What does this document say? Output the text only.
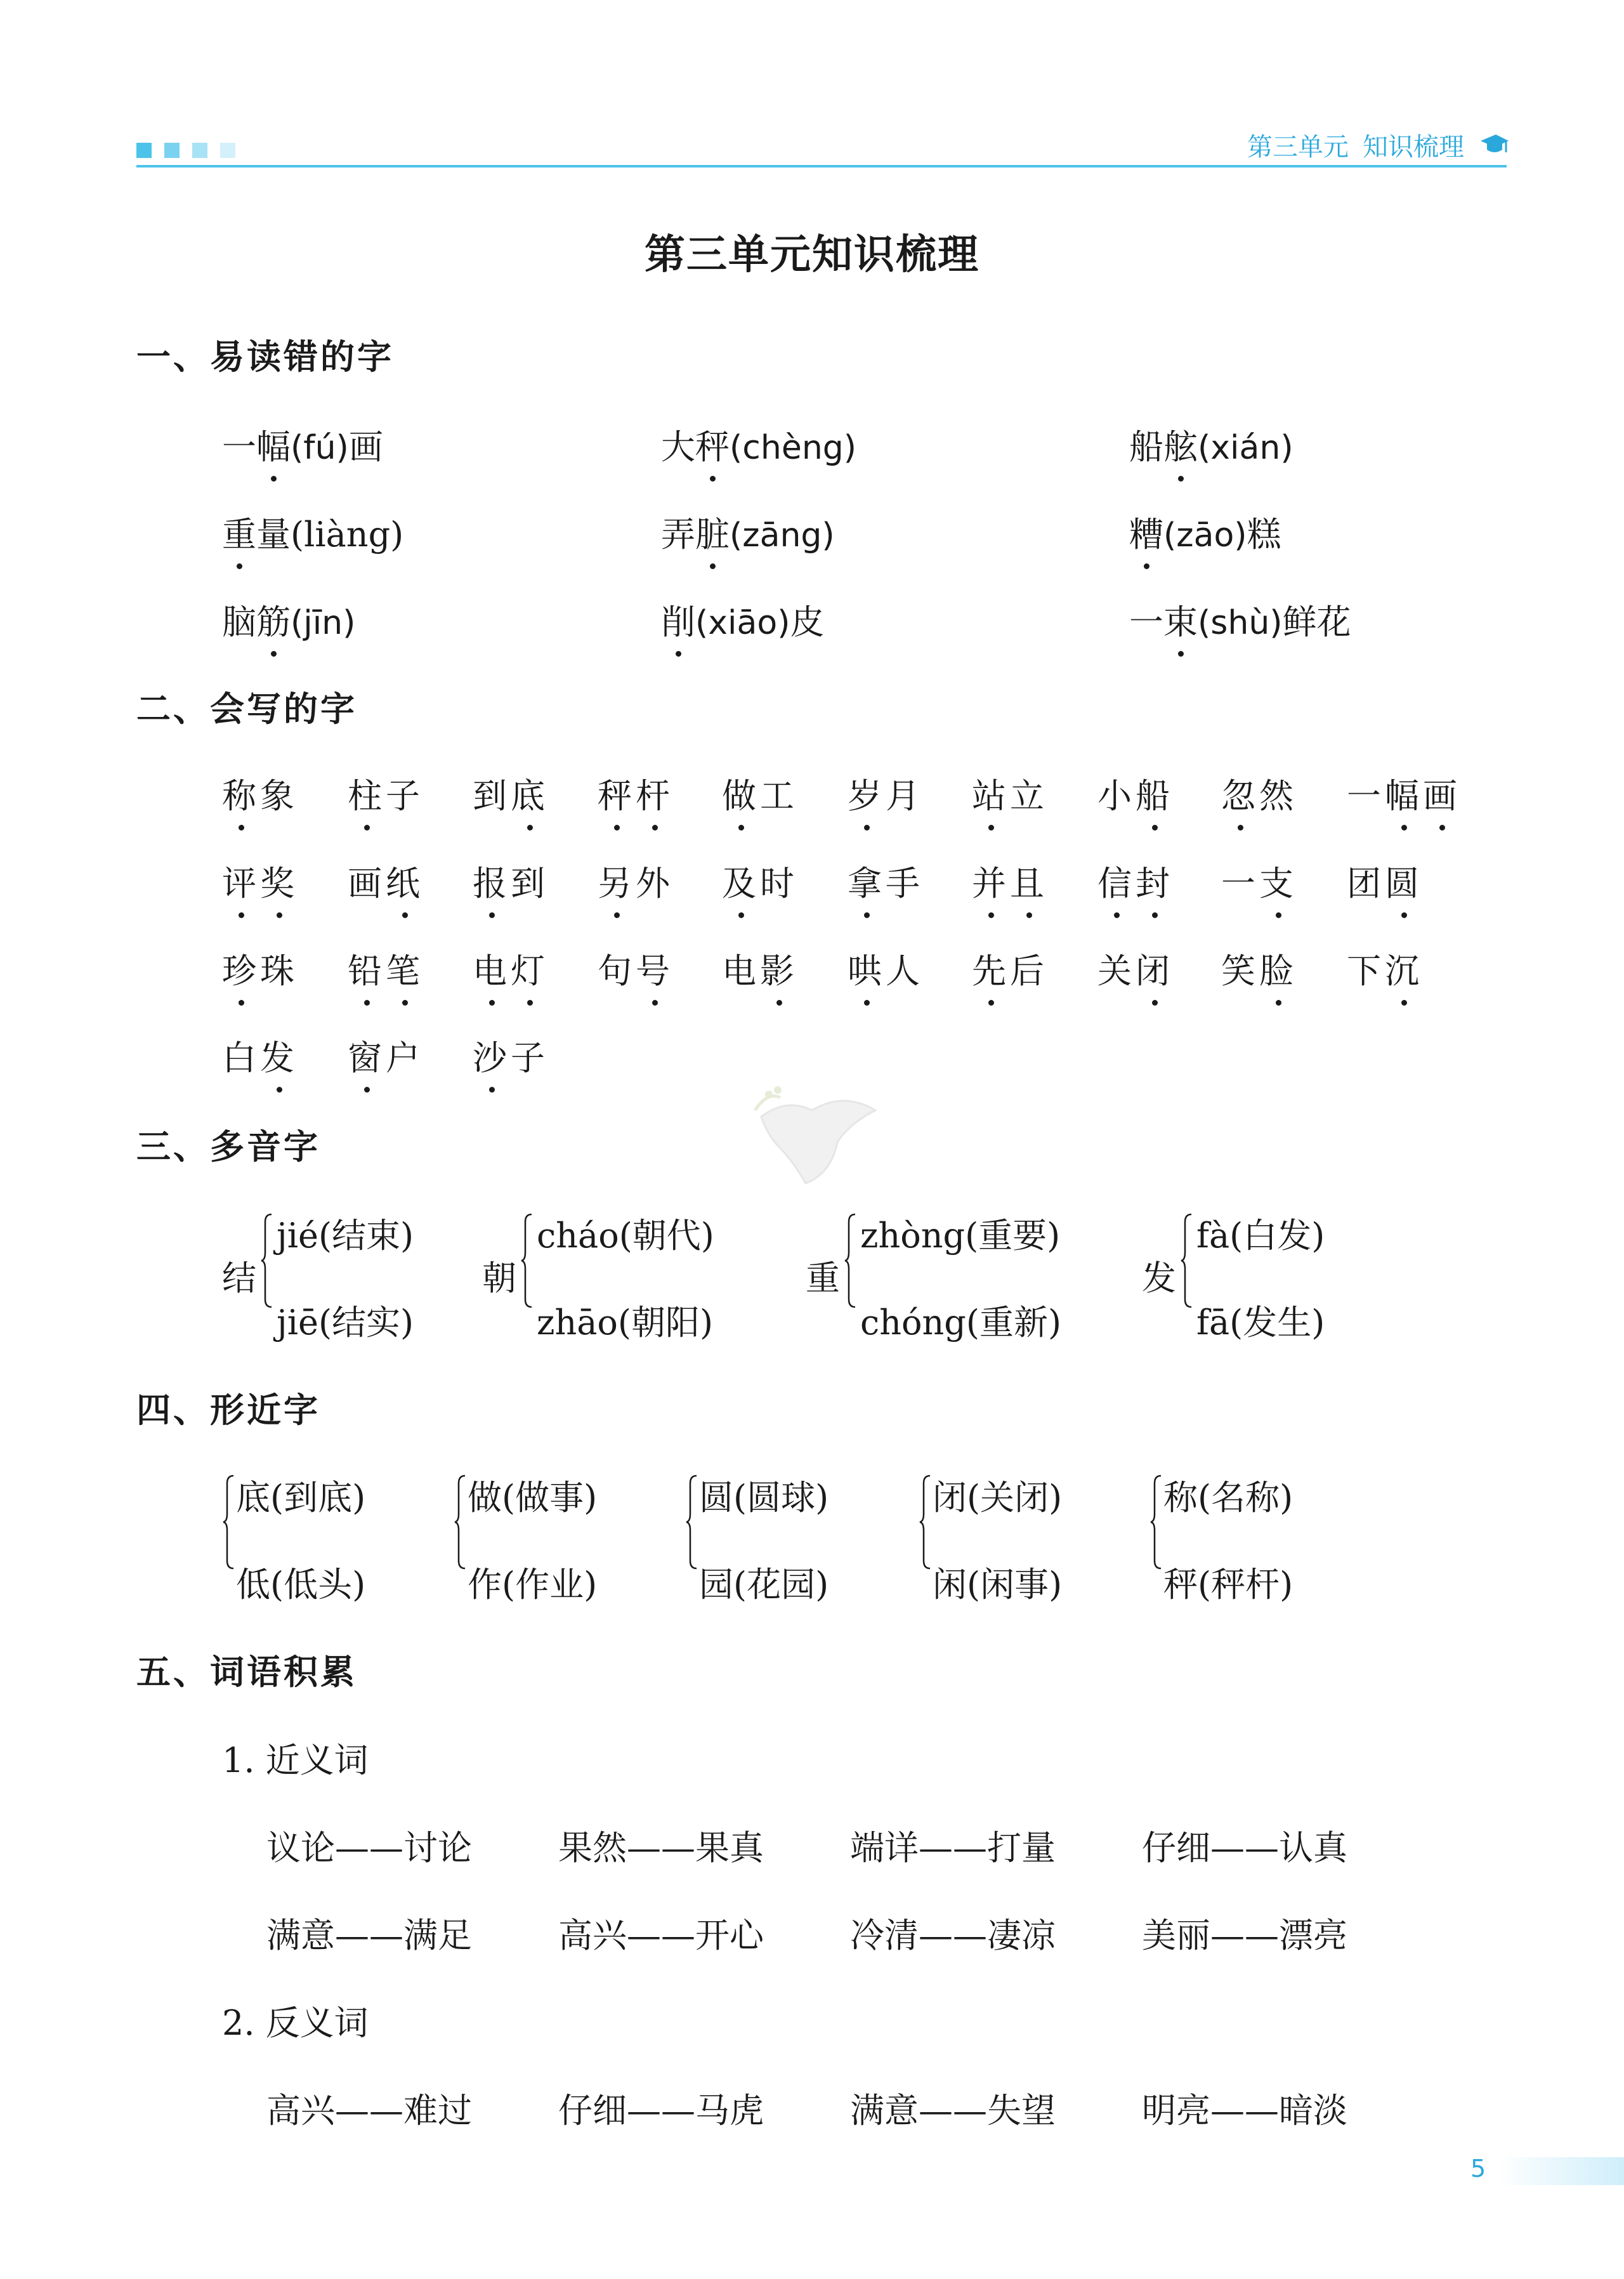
第三单元 知识梳理
第三单元知识梳理
一、易读错的字
一幅(fú)画	大秤(chèng)	船舷(xián)
重量(liàng)	弄脏(zāng)	糟(zāo)糕
脑筋(jīn)	削(xiāo)皮	一束(shù)鲜花
二、会写的字
称象 柱子 到底 秤杆 做工 岁月 站立 小船 忽然 一幅画
评奖 画纸 报到 另外 及时 拿手 并且 信封 一支 团圆
珍珠 铅笔 电灯 句号 电影 哄人 先后 关闭 笑脸 下沉
白发 窗户 沙子
三、多音字
结
jié(结束)
jiē(结实)
朝
cháo(朝代)
zhāo(朝阳)
重
zhòng(重要)
chóng(重新)
发
fà(白发)
fā(发生)
四、形近字
底(到底)
低(低头)
做(做事)
作(作业)
圆(圆球)
园(花园)
闭(关闭)
闲(闲事)
称(名称)
秤(秤杆)
五、词语积累
1. 近义词
议论——讨论	果然——果真	端详——打量	仔细——认真
满意——满足	高兴——开心	冷清——凄凉	美丽——漂亮
2. 反义词
高兴——难过	仔细——马虎	满意——失望	明亮——暗淡
5
